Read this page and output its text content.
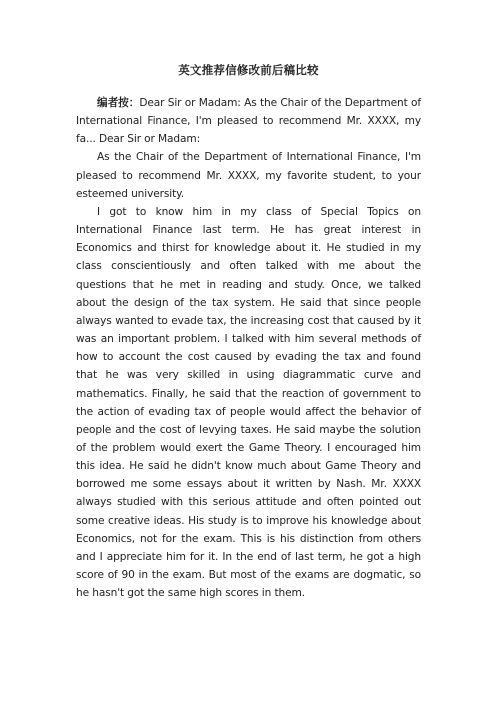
英文推荐信修改前后稿比较

编者按：Dear Sir or Madam: As the Chair of the Department of International Finance, I'm pleased to recommend Mr. XXXX, my fa... Dear Sir or Madam:

As the Chair of the Department of International Finance, I'm pleased to recommend Mr. XXXX, my favorite student, to your esteemed university.

I got to know him in my class of Special Topics on International Finance last term. He has great interest in Economics and thirst for knowledge about it. He studied in my class conscientiously and often talked with me about the questions that he met in reading and study. Once, we talked about the design of the tax system. He said that since people always wanted to evade tax, the increasing cost that caused by it was an important problem. I talked with him several methods of how to account the cost caused by evading the tax and found that he was very skilled in using diagrammatic curve and mathematics. Finally, he said that the reaction of government to the action of evading tax of people would affect the behavior of people and the cost of levying taxes. He said maybe the solution of the problem would exert the Game Theory. I encouraged him this idea. He said he didn't know much about Game Theory and borrowed me some essays about it written by Nash. Mr. XXXX always studied with this serious attitude and often pointed out some creative ideas. His study is to improve his knowledge about Economics, not for the exam. This is his distinction from others and I appreciate him for it. In the end of last term, he got a high score of 90 in the exam. But most of the exams are dogmatic, so he hasn't got the same high scores in them.
